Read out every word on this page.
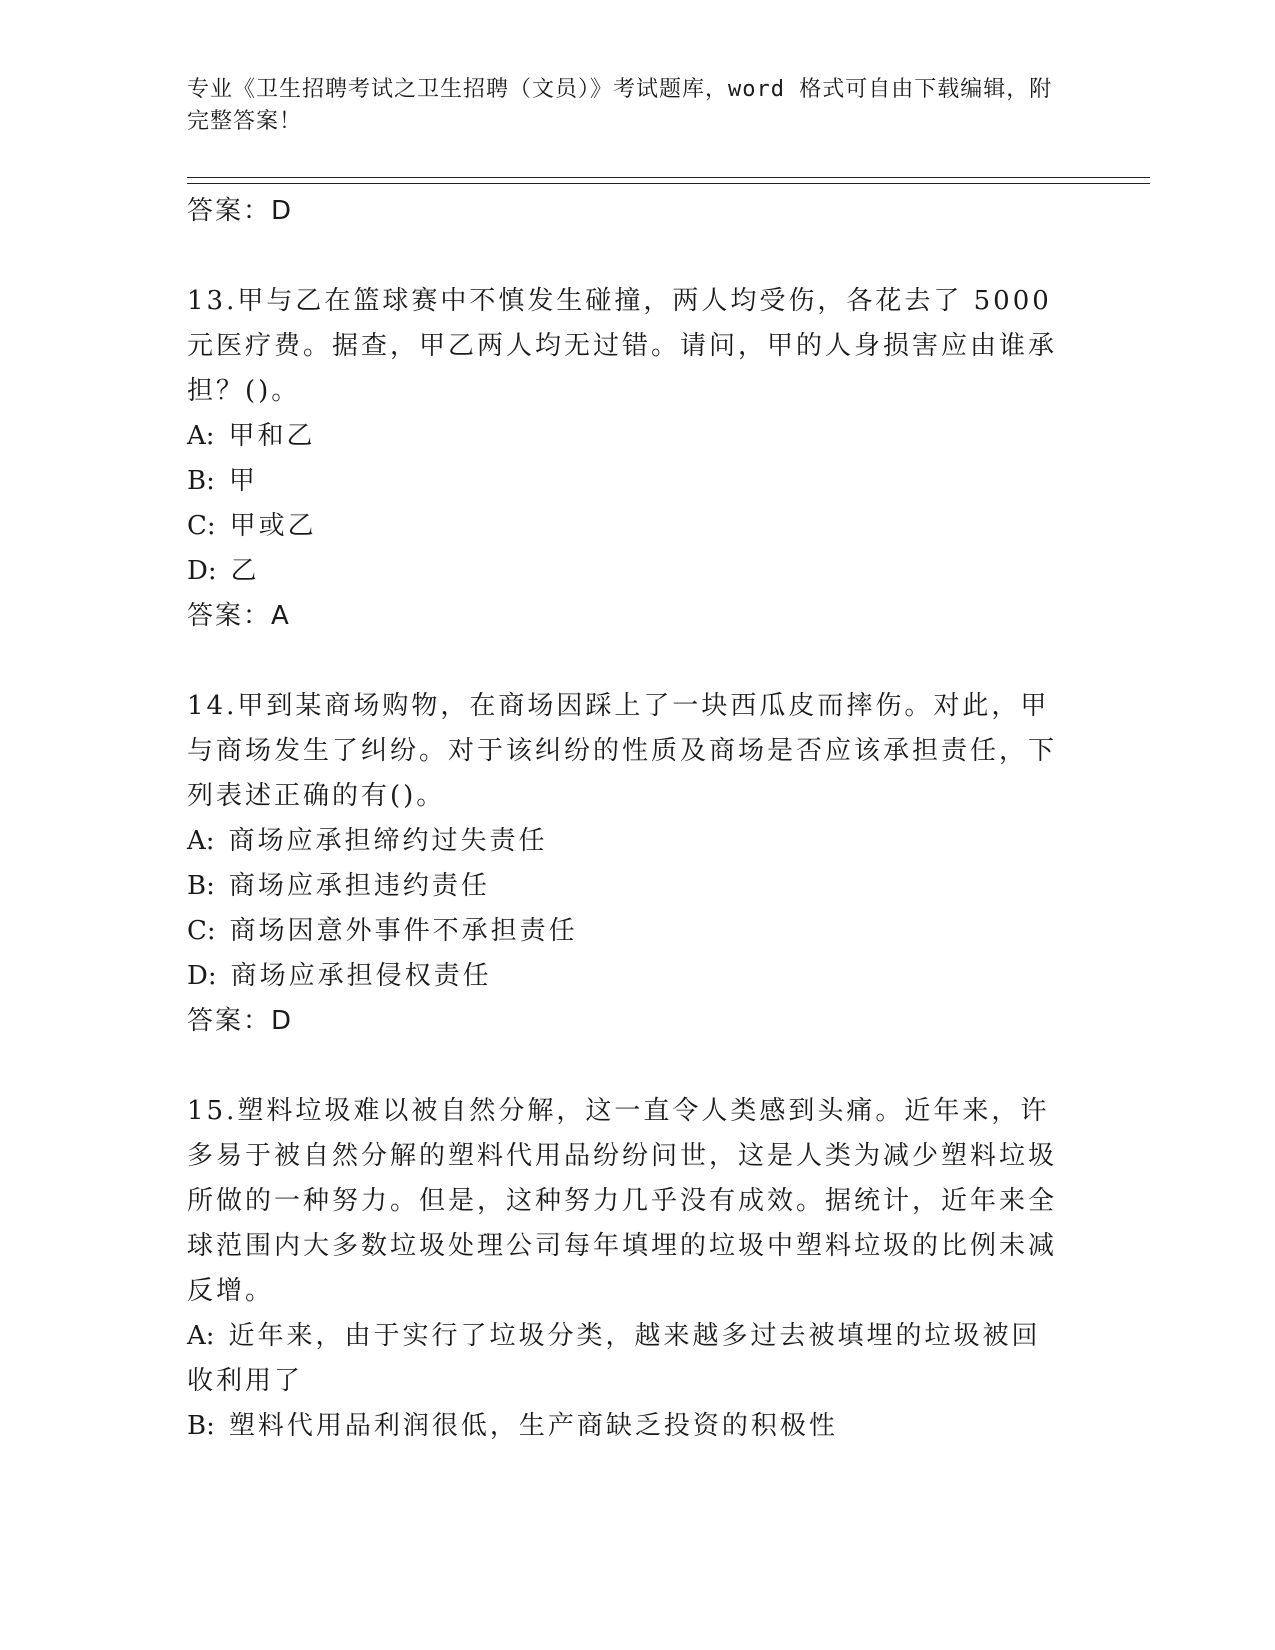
专业《卫生招聘考试之卫生招聘（文员）》考试题库，word 格式可自由下载编辑，附完整答案！
答案：D
13.甲与乙在篮球赛中不慎发生碰撞，两人均受伤，各花去了 5000 元医疗费。据查，甲乙两人均无过错。请问，甲的人身损害应由谁承担？()。
A: 甲和乙
B: 甲
C: 甲或乙
D: 乙
答案：A
14.甲到某商场购物，在商场因踩上了一块西瓜皮而摔伤。对此，甲与商场发生了纠纷。对于该纠纷的性质及商场是否应该承担责任，下列表述正确的有()。
A: 商场应承担缔约过失责任
B: 商场应承担违约责任
C: 商场因意外事件不承担责任
D: 商场应承担侵权责任
答案：D
15.塑料垃圾难以被自然分解，这一直令人类感到头痛。近年来，许多易于被自然分解的塑料代用品纷纷问世，这是人类为减少塑料垃圾所做的一种努力。但是，这种努力几乎没有成效。据统计，近年来全球范围内大多数垃圾处理公司每年填埋的垃圾中塑料垃圾的比例未减反增。
A: 近年来，由于实行了垃圾分类，越来越多过去被填埋的垃圾被回收利用了
B: 塑料代用品利润很低，生产商缺乏投资的积极性
